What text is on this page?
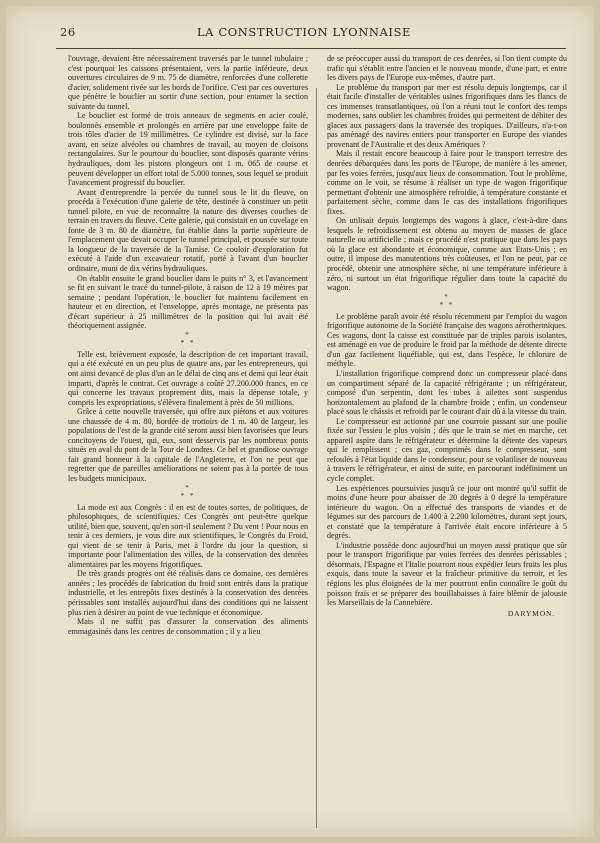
26	LA CONSTRUCTION LYONNAISE

l'ouvrage, devaient être nécessairement traversés par le tunnel tubulaire ; c'est pourquoi les caissons présentaient, vers la partie inférieure, deux ouvertures circulaires de 9 m. 75 de diamètre, renforcées d'une collerette d'acier, solidement rivée sur les bords de l'orifice. C'est par ces ouvertures que pénètre le bouclier au sortir d'une section, pour entamer la section suivante du tunnel.

Le bouclier est formé de trois anneaux de segments en acier coulé, boulonnés ensemble et prolongés en arrière par une enveloppe faite de trois tôles d'acier de 19 millimètres. Ce cylindre est divisé, sur la face avant, en seize alvéoles ou chambres de travail, au moyen de cloisons rectangulaires. Sur le pourtour du bouclier, sont disposés quarante vérins hydrauliques, dont les pistons plongeurs ont 1 m. 065 de course et peuvent développer un effort total de 5.000 tonnes, sous lequel se produit l'avancement progressif du bouclier.

Avant d'entreprendre la percée du tunnel sous le lit du fleuve, on procéda à l'exécution d'une galerie de tête, destinée à constituer un petit tunnel pilote, en vue de reconnaître la nature des diverses couches de terrain en travers du fleuve. Cette galerie, qui consistait en un cuvelage en fonte de 3 m. 80 de diamètre, fut établie dans la partie supérieure de l'emplacement que devait occuper le tunnel principal, et poussée sur toute la longueur de la traversée de la Tamise. Ce couloir d'exploration fut exécuté à l'aide d'un excavateur rotatif, porté à l'avant d'un bouclier ordinaire, muni de dix vérins hydrauliques.

On établit ensuite le grand bouclier dans le puits n° 3, et l'avancement se fit en suivant le tracé du tunnel-pilote, à raison de 12 à 19 mètres par semaine ; pendant l'opération, le bouclier fut maintenu facilement en hauteur et en direction, et l'enveloppe, après montage, ne présenta pas d'écart supérieur à 25 millimètres de la position qui lui avait été théoriquement assignée.

*
* *

Telle est, brièvement exposée, la description de cet important travail, qui a été exécuté en un peu plus de quatre ans, par les entrepreneurs, qui ont ainsi devancé de plus d'un an le délai de cinq ans et demi qui leur était imparti, d'après le contrat. Cet ouvrage a coûté 27.200.000 francs, en ce qui concerne les travaux proprement dits, mais la dépense totale, y compris les expropriations, s'élèvera finalement à près de 50 millions.

Grâce à cette nouvelle traversée, qui offre aux piétons et aux voitures une chaussée de 4 m. 80, bordée de trottoirs de 1 m. 40 de largeur, les populations de l'est de la grande cité seront aussi bien favorisées que leurs concitoyens de l'ouest, qui, eux, sont desservis par les nombreux ponts situés en aval du pont de la Tour de Londres. Ce bel et grandiose ouvrage fait grand honneur à la capitale de l'Angleterre, et l'on ne peut que regretter que de pareilles améliorations ne soient pas à la portée de tous les budgets municipaux.

*
* *

La mode est aux Congrès : il en est de toutes sortes, de politiques, de philosophiques, de scientifiques. Ces Congrès ont peut-être quelque utilité, bien que, souvent, qu'en sort-il seulement ? Du vent ! Pour nous en tenir à ces derniers, je vous dire aux scientifiques, le Congrès du Froid, qui vient de se tenir à Paris, met à l'ordre du jour la question, si importante pour l'alimentation des villes, de la conservation des denrées alimentaires par les moyens frigorifiques.

De très grands progrès ont été réalisés dans ce domaine, ces dernières années ; les procédés de fabrication du froid sont entrés dans la pratique industrielle, et les entrepôts fixes destinés à la conservation des denrées périssables sont installés aujourd'hui dans des conditions qui ne laissent plus rien à désirer au point de vue technique et économique.

Mais il ne suffit pas d'assurer la conservation des aliments emmagasinés dans les centres de consommation ; il y a lieu

de se préoccuper aussi du transport de ces denrées, si l'on tient compte du trafic qui s'établit entre l'ancien et le nouveau monde, d'une part, et entre les divers pays de l'Europe eux-mêmes, d'autre part.

Le problème du transport par mer est résolu depuis longtemps, car il était facile d'installer de véritables usines frigorifiques dans les flancs de ces immenses transatlantiques, où l'on a réuni tout le confort des temps modernes, sans oublier les chambres froides qui permettent de débiter des glaces aux passagers dans la traversée des tropiques. D'ailleurs, n'a-t-on pas aménagé des navires entiers pour transporter en Europe des viandes provenant de l'Australie et des deux Amériques ?

Mais il restait encore beaucoup à faire pour le transport terrestre des denrées débarquées dans les ports de l'Europe, de manière à les amener, par les voies ferrées, jusqu'aux lieux de consommation. Tout le problème, comme on le voit, se résume à réaliser un type de wagon frigorifique permettant d'obtenir une atmosphère refroidie, à température constante et parfaitement sèche, comme dans le cas des installations frigorifiques fixes.

On utilisait depuis longtemps des wagons à glace, c'est-à-dire dans lesquels le refroidissement est obtenu au moyen de masses de glace naturelle ou artificielle ; mais ce procédé n'est pratique que dans les pays où la glace est abondante et économique, comme aux Etats-Unis ; en outre, il impose des manutentions très coûteuses, et l'on ne peut, par ce procédé, obtenir une atmosphère sèche, ni une température inférieure à zéro, ni surtout un état frigorifique régulier dans toute la capacité du wagon.

*
* *

Le problème paraît avoir été résolu récemment par l'emploi du wagon frigorifique autonome de la Société française des wagons aérothermiques. Ces wagons, dont la caisse est constituée par de triples parois isolantes, est aménagé en vue de produire le froid par la méthode de détente directe d'un gaz facilement liquéfiable, qui est, dans l'espèce, le chlorure de méthyle.

L'installation frigorifique comprend donc un compresseur placé dans un compartiment séparé de la capacité réfrigérante ; un réfrigérateur, composé d'un serpentin, dont les tubes à ailettes sont suspendus horizontalement au plafond de la chambre froide ; enfin, un condenseur placé sous le châssis et refroidi par le courant d'air dû à la vitesse du train.

Le compresseur est actionné par une courroie passant sur une poulie fixée sur l'essieu le plus voisin ; dès que le train se met en marche, cet appareil aspire dans le réfrigérateur et détermine la détente des vapeurs qui le remplissent ; ces gaz, comprimés dans le compresseur, sont refoulés à l'état liquide dans le condenseur, pour se volatiliser de nouveau à travers le réfrigérateur, et ainsi de suite, en parcourant indéfiniment un cycle complet.

Les expériences poursuivies jusqu'à ce jour ont montré qu'il suffit de moins d'une heure pour abaisser de 20 degrés à 0 degré la température intérieure du wagon. On a effectué des transports de viandes et de légumes sur des parcours de 1.400 à 2.200 kilomètres, durant sept jours, et constaté que la température à l'arrivée était encore inférieure à 5 degrés.

L'industrie possède donc aujourd'hui un moyen aussi pratique que sûr pour le transport frigorifique par voies ferrées des denrées périssables ; désormais, l'Espagne et l'Italie pourront nous expédier leurs fruits les plus exquis, dans toute la saveur et la fraîcheur primitive du terroir, et les régions les plus éloignées de la mer pourront enfin connaître le goût du poisson frais et se préparer des bouillabaisses à faire blêmir de jalousie les Marseillais de la Cannebière.

DARYMON.
